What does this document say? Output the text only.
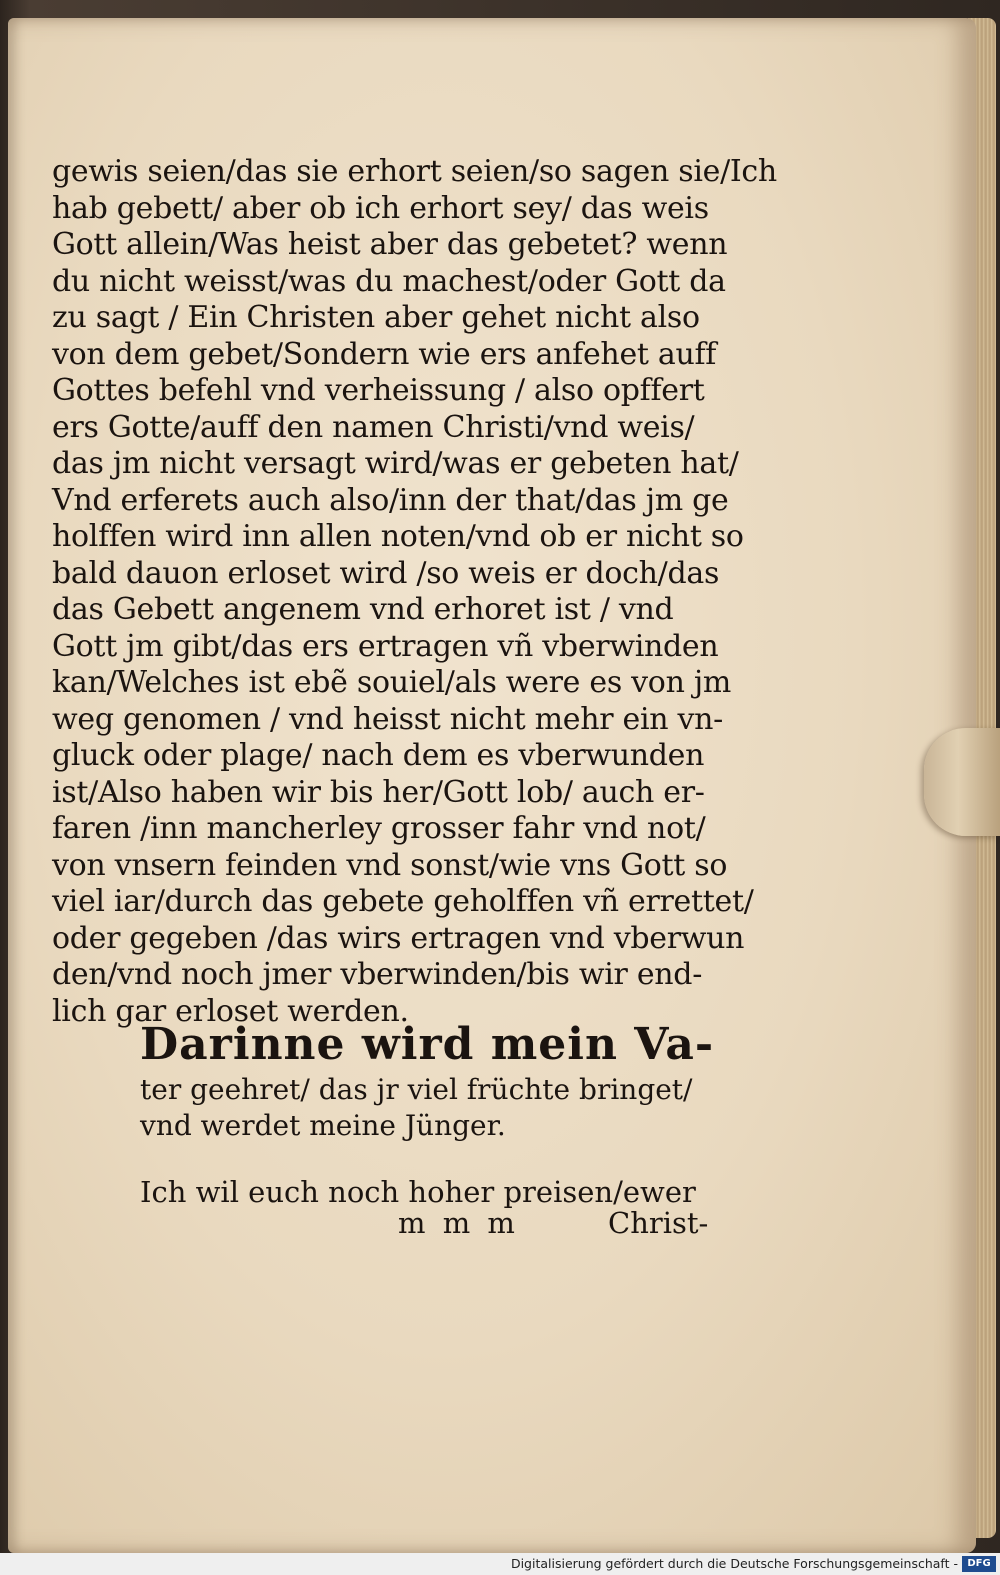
gewis seien/das sie erhort seien/so sagen sie/Ich
hab gebett/ aber ob ich erhort sey/ das weis
Gott allein/Was heist aber das gebetet? wenn
du nicht weisst/was du machest/oder Gott da
zu sagt / Ein Christen aber gehet nicht also
von dem gebet/Sondern wie ers anfehet auff
Gottes befehl vnd verheissung / also opffert
ers Gotte/auff den namen Christi/vnd weis/
das jm nicht versagt wird/was er gebeten hat/
Vnd erferets auch also/inn der that/das jm ge
holffen wird inn allen noten/vnd ob er nicht so
bald dauon erloset wird /so weis er doch/das
das Gebett angenem vnd erhoret ist / vnd
Gott jm gibt/das ers ertragen vñ vberwinden
kan/Welches ist ebẽ souiel/als were es von jm
weg genomen / vnd heisst nicht mehr ein vn-
gluck oder plage/ nach dem es vberwunden
ist/Also haben wir bis her/Gott lob/ auch er-
faren /inn mancherley grosser fahr vnd not/
von vnsern feinden vnd sonst/wie vns Gott so
viel iar/durch das gebete geholffen vñ errettet/
oder gegeben /das wirs ertragen vnd vberwun
den/vnd noch jmer vberwinden/bis wir end-
lich gar erloset werden.
Darinne wird mein Va-
ter geehret/ das jr viel früchte bringet/
vnd werdet meine Jünger.
Ich wil euch noch hoher preisen/ewer
m m m	Christ-
Digitalisierung gefördert durch die Deutsche Forschungsgemeinschaft - DFG
